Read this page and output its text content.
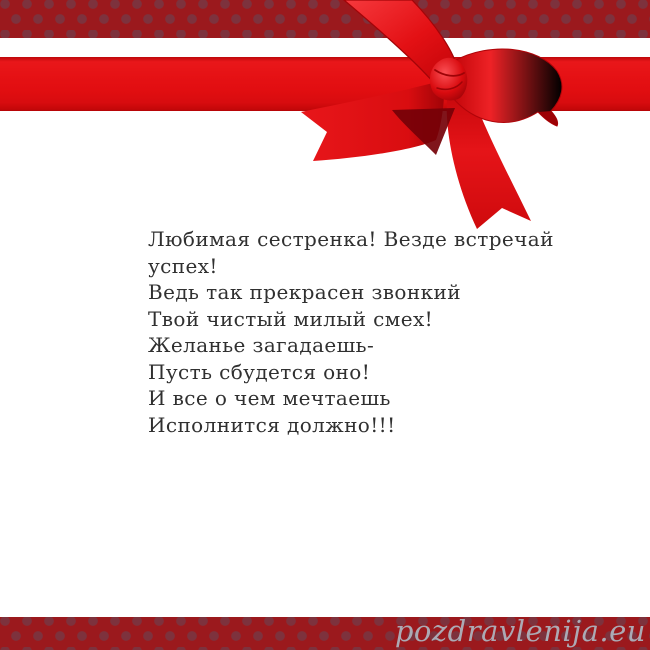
pozdravlenija.eu
Любимая сестренка! Везде встречай
успех!
Ведь так прекрасен звонкий
Твой чистый милый смех!
Желанье загадаешь-
Пусть сбудется оно!
И все о чем мечтаешь
Исполнится должно!!!
